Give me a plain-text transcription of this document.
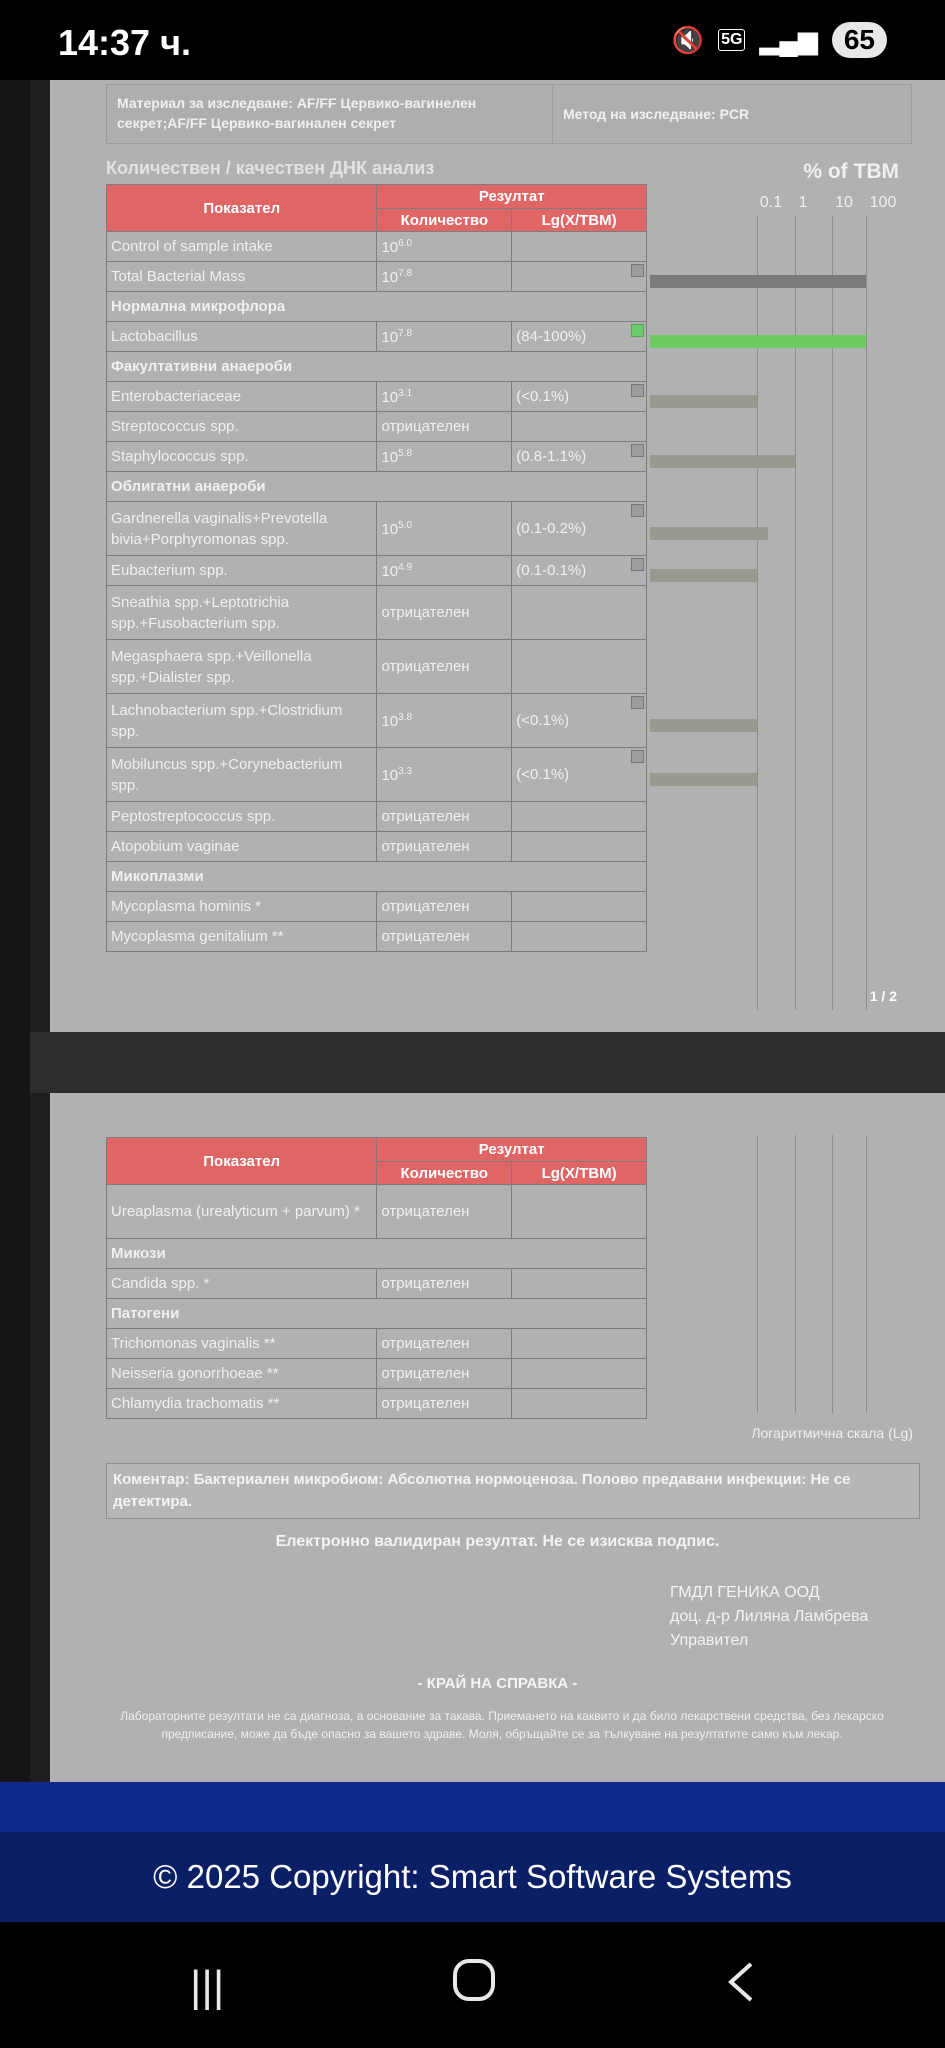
14:37 ч.	🔇 5G ▂▄▆ 65
Материал за изследване: AF/FF Цервико-вагинелен секрет;AF/FF Цервико-вагинален секрет
Метод на изследване: PCR
Количествен / качествен ДНК анализ	% of TBM
0.1 1 10 100
Показател	Резултат	
	Количество	Lg(X/TBM)
Control of sample intake	$10^{6.0}$	
Total Bacterial Mass	$10^{7.8}$	

Нормална микрофлора		
Lactobacillus	$10^{7.8}$	(84-100%)

Факултативни анаероби		
Enterobacteriaceae	$10^{3.1}$	(<0.1%)

Streptococcus spp.	отрицателен	
Staphylococcus spp.	$10^{5.8}$	(0.8-1.1%)

Облигатни анаероби		
Gardnerella vaginalis+Prevotella bivia+Porphyromonas spp.	$10^{5.0}$	(0.1-0.2%)

Eubacterium spp.	$10^{4.9}$	(0.1-0.1%)

Sneathia spp.+Leptotrichia spp.+Fusobacterium spp.	отрицателен	
Megasphaera spp.+Veillonella spp.+Dialister spp.	отрицателен	
Lachnobacterium spp.+Clostridium spp.	$10^{3.8}$	(<0.1%)

Mobiluncus spp.+Corynebacterium spp.	$10^{3.3}$	(<0.1%)

Peptostreptococcus spp.	отрицателен	
Atopobium vaginae	отрицателен	
Микоплазми		
Mycoplasma hominis *	отрицателен	
Mycoplasma genitalium **	отрицателен	
1 / 2
Показател	Резултат	
	Количество	Lg(X/TBM)
Ureaplasma (urealyticum + parvum) *	отрицателен	
Микози		
Candida spp. *	отрицателен	
Патогени		
Trichomonas vaginalis **	отрицателен	
Neisseria gonorrhoeae **	отрицателен	
Chlamydia trachomatis **	отрицателен	
Логаритмична скала (Lg)
Коментар: Бактериален микробиом: Абсолютна нормоценоза. Полово предавани инфекции: Не се детектира.
Електронно валидиран резултат. Не се изисква подпис.
ГМДЛ ГЕНИКА ООД
доц. д-р Лиляна Ламбрева
Управител
- КРАЙ НА СПРАВКА -
Лабораторните резултати не са диагноза, а основание за такава. Приемането на каквито и да било лекарствени средства, без лекарско предписание, може да бъде опасно за вашето здраве. Моля, обръщайте се за тълкуване на резултатите само към лекар.
© 2025 Copyright: Smart Software Systems
|||
